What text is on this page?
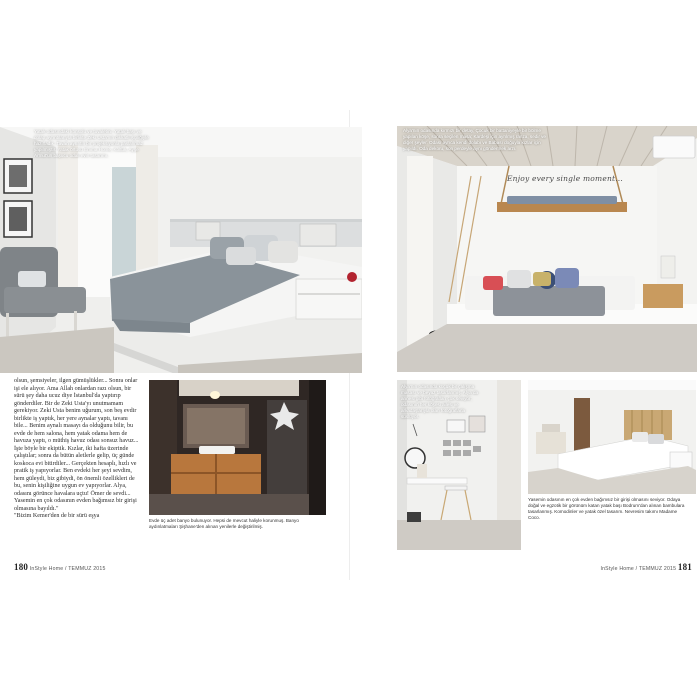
Yatak odasındaki konsolu ve tuvaletini, Yatak başı ve dolap ayrıntılarıyla birlikte Zeki Usta'nın dikkatli işçiliğiyle hazırladık. Tavan ayrıntılı bir projeksiyonla paslanmaz yapılmıştır. Yatak örtüsü Emma Home, Koltuk, Ayşe Armut'un başucu odalı evin tasarımı.

olsun, şemsiyeler, ilgen gümüşlükler... Sonra onlar işi ele alıyor. Ama Allah onlardan razı olsun, bir sürü şey daha ucuz diye İstanbul'da yaptırıp gönderdiler. Bir de Zeki Usta'yı unutmamam gerekiyor. Zeki Usta benim uğurum, son beş evdir birlikte iş yaptık, her yere aynalar yaptı, tavanı bile... Benim aynalı masayı da olduğunu bilir, bu evde de hem salona, hem yatak odama hem de havuza yaptı, o müthiş havuz odası sonsuz havuz... İşte böyle bir ekiptik. Kızlar, iki hafta üzerinde çalıştılar; sonra da bütün aletlerle gelip, üç günde koskoca evi bitirdiler... Gerçekten hesaplı, hızlı ve pratik iş yapıyorlar. Ben evdeki her şeyi sevdim, hem güleydi, biz gibiydi, ön önemli özellikleri de bu, senin kişiliğine uygun ev yapıyorlar. Alya, odasını görünce havalara uçtu! Ömer de sevdi... Yasemin en çok odasının evden bağımsız bir girişi olmasına bayıldı."

"Bizim Kemer'den de bir sürü eşya

Evde üç adet banyo bulunuyor. Hepsi de mevcut haliyle korunmuş. Banyo aydınlatmaları Şişhane'den alınan yenilerle değiştirilmiş.
180 InStyle Home / TEMMUZ 2015
Enjoy every single moment...
Alya'nın odasında kırmızı bir detay, Çocuk bir battaniyeyle bir bölme yapılan köşe, sonra seçilen masa; Kardeşi için ayrılmış ranza, sedir ve diğer şeyler. Odası ayrıca kendi dolabı ve Babası doğuyla kızlar için yapıldı. Oda dekoru, son perdeyle aynı göndermek arzı.
Alya'nın odasında küçük bir çalışma masası ve beyaz tasarlanmış. Alya da annesi gibi fotoğrafları çok seviyor; odasının her köşesi ailesi ve arkadaşlarıyla olan fotoğraflarla süslüyor.
Yasemin odasının en çok evden bağımsız bir girişi olmasını seviyor. Odaya doğal ve egzotik bir görünüm katan yatak başı Bodrum'dan alınan bambulara tasarlanmış. Komodinler ve yatak özel tasarım. Nevresim takımı Madame Coco.
InStyle Home / TEMMUZ 2015 181
